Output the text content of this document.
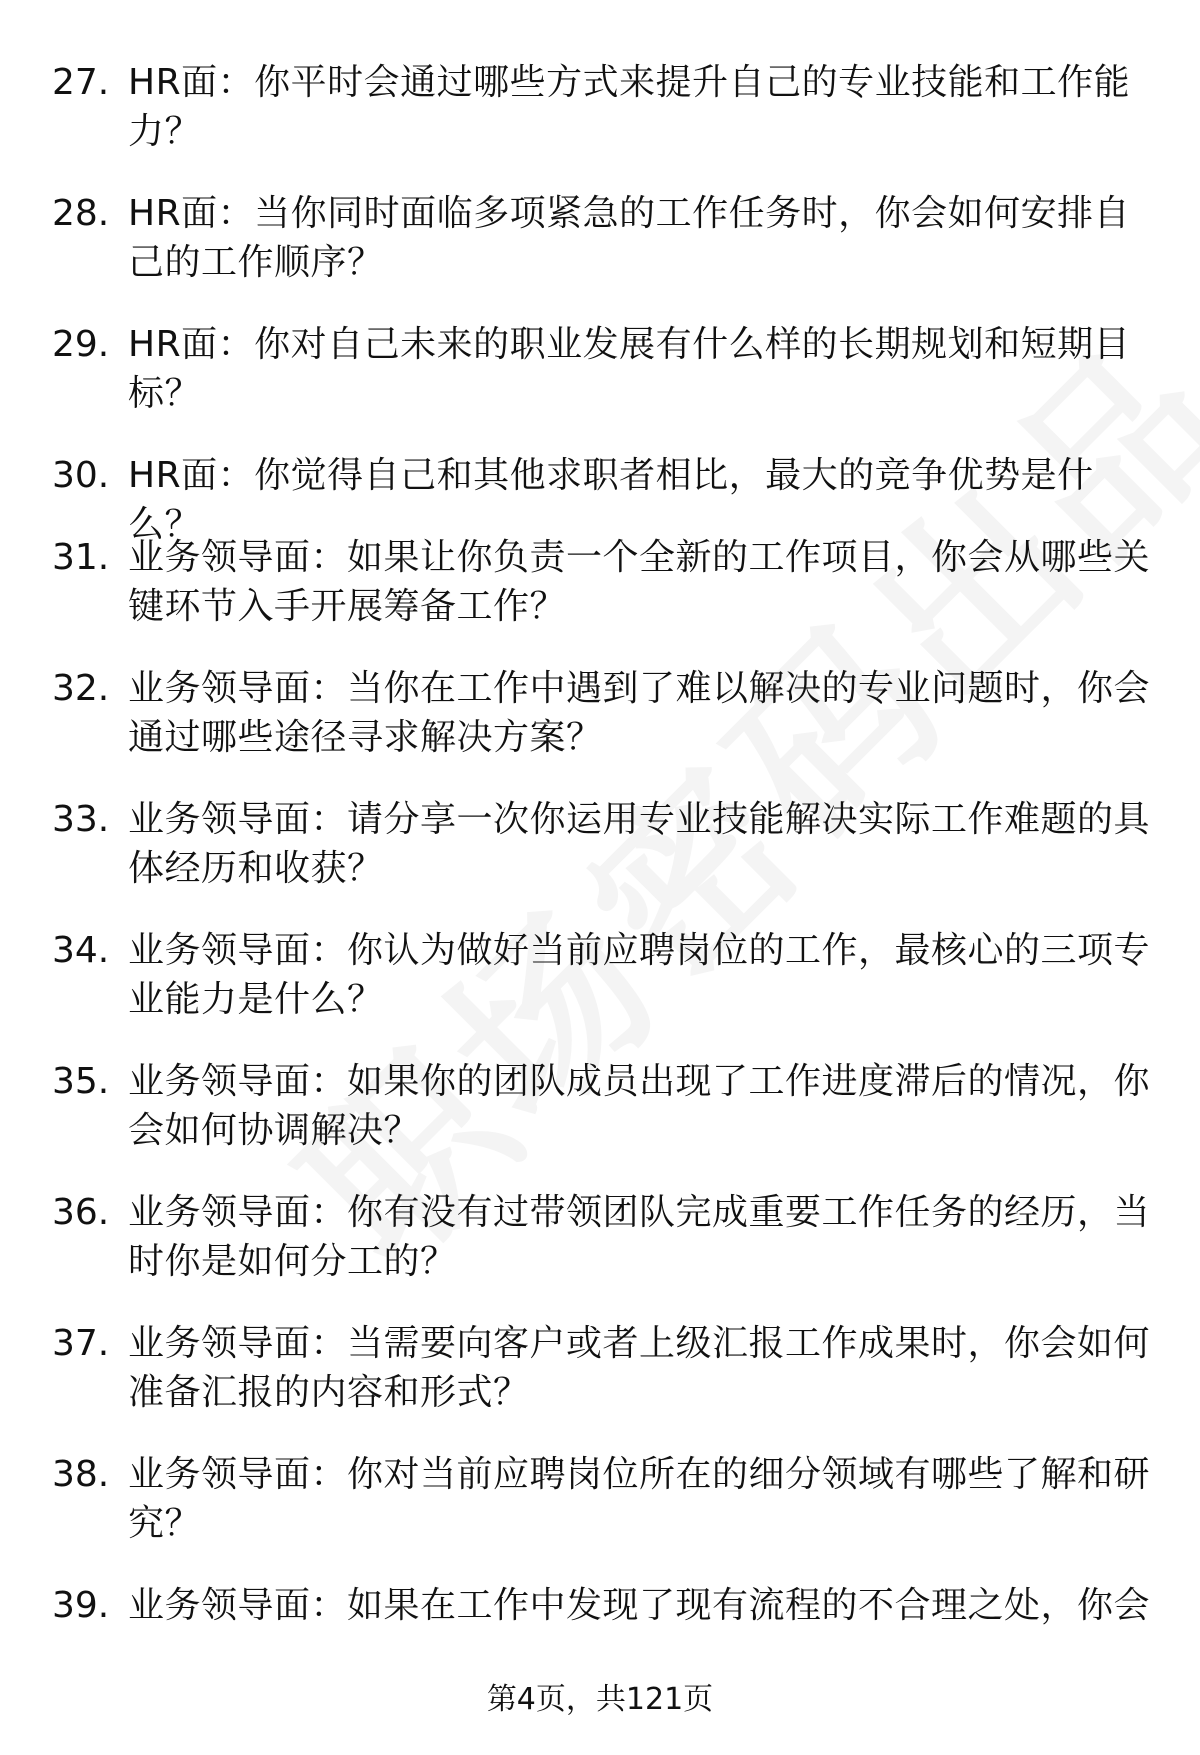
27. HR面：你平时会通过哪些方式来提升自己的专业技能和工作能力？
28. HR面：当你同时面临多项紧急的工作任务时，你会如何安排自己的工作顺序？
29. HR面：你对自己未来的职业发展有什么样的长期规划和短期目标？
30. HR面：你觉得自己和其他求职者相比，最大的竞争优势是什么？
31. 业务领导面：如果让你负责一个全新的工作项目，你会从哪些关键环节入手开展筹备工作？
32. 业务领导面：当你在工作中遇到了难以解决的专业问题时，你会通过哪些途径寻求解决方案？
33. 业务领导面：请分享一次你运用专业技能解决实际工作难题的具体经历和收获？
34. 业务领导面：你认为做好当前应聘岗位的工作，最核心的三项专业能力是什么？
35. 业务领导面：如果你的团队成员出现了工作进度滞后的情况，你会如何协调解决？
36. 业务领导面：你有没有过带领团队完成重要工作任务的经历，当时你是如何分工的？
37. 业务领导面：当需要向客户或者上级汇报工作成果时，你会如何准备汇报的内容和形式？
38. 业务领导面：你对当前应聘岗位所在的细分领域有哪些了解和研究？
39. 业务领导面：如果在工作中发现了现有流程的不合理之处，你会
第4页，共121页
